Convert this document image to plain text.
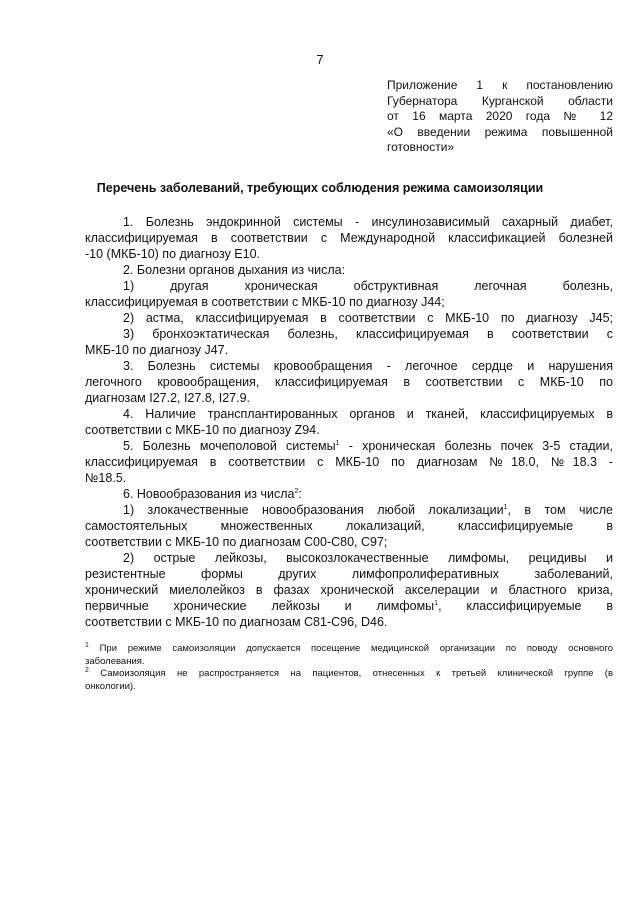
7
Приложение 1 к постановлению
Губернатора Курганской области
от 16 марта 2020 года № 12
«О введении режима повышенной
готовности»
Перечень заболеваний, требующих соблюдения режима самоизоляции
1. Болезнь эндокринной системы - инсулинозависимый сахарный диабет,
классифицируемая в соответствии с Международной классификацией болезней
-10 (МКБ-10) по диагнозу E10.
2. Болезни органов дыхания из числа:
1) другая хроническая обструктивная легочная болезнь,
классифицируемая в соответствии с МКБ-10 по диагнозу J44;
2) астма, классифицируемая в соответствии с МКБ-10 по диагнозу J45;
3) бронхоэктатическая болезнь, классифицируемая в соответствии с
МКБ-10 по диагнозу J47.
3. Болезнь системы кровообращения - легочное сердце и нарушения
легочного кровообращения, классифицируемая в соответствии с МКБ-10 по
диагнозам I27.2, I27.8, I27.9.
4. Наличие трансплантированных органов и тканей, классифицируемых в
соответствии с МКБ-10 по диагнозу Z94.
5. Болезнь мочеполовой системы$^1$ - хроническая болезнь почек 3-5 стадии,
классифицируемая в соответствии с МКБ-10 по диагнозам №18.0, №18.3 -
№18.5.
6. Новообразования из числа$^2$:
1) злокачественные новообразования любой локализации$^1$, в том числе
самостоятельных множественных локализаций, классифицируемые в
соответствии с МКБ-10 по диагнозам С00-С80, С97;
2) острые лейкозы, высокозлокачественные лимфомы, рецидивы и
резистентные формы других лимфопролиферативных заболеваний,
хронический миелолейкоз в фазах хронической акселерации и бластного криза,
первичные хронические лейкозы и лимфомы$^1$, классифицируемые в
соответствии с МКБ-10 по диагнозам С81-С96, D46.
$^1$ При режиме самоизоляции допускается посещение медицинской организации по поводу основного
заболевания.
$^2$ Самоизоляция не распространяется на пациентов, отнесенных к третьей клинической группе (в
онкологии).
